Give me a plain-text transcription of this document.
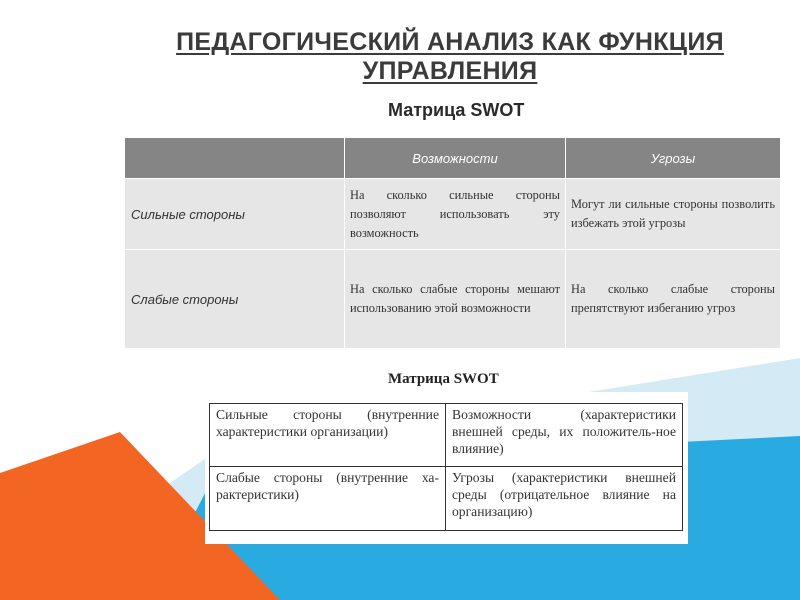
ПЕДАГОГИЧЕСКИЙ АНАЛИЗ КАК ФУНКЦИЯ УПРАВЛЕНИЯ
Матрица SWOT
	Возможности	Угрозы
Сильные стороны	На сколько сильные стороны позволяют использовать эту возможность	Могут ли сильные стороны позволить избежать этой угрозы
Слабые стороны	На сколько слабые стороны мешают использованию этой возможности	На сколько слабые стороны препятствуют избеганию угроз
Матрица SWOT
Сильные стороны (внутренние характеристики организации)	Возможности (характеристики внешней среды, их положитель-ное влияние)
Слабые стороны (внутренние ха-рактеристики)	Угрозы (характеристики внешней среды (отрицательное влияние на организацию)
